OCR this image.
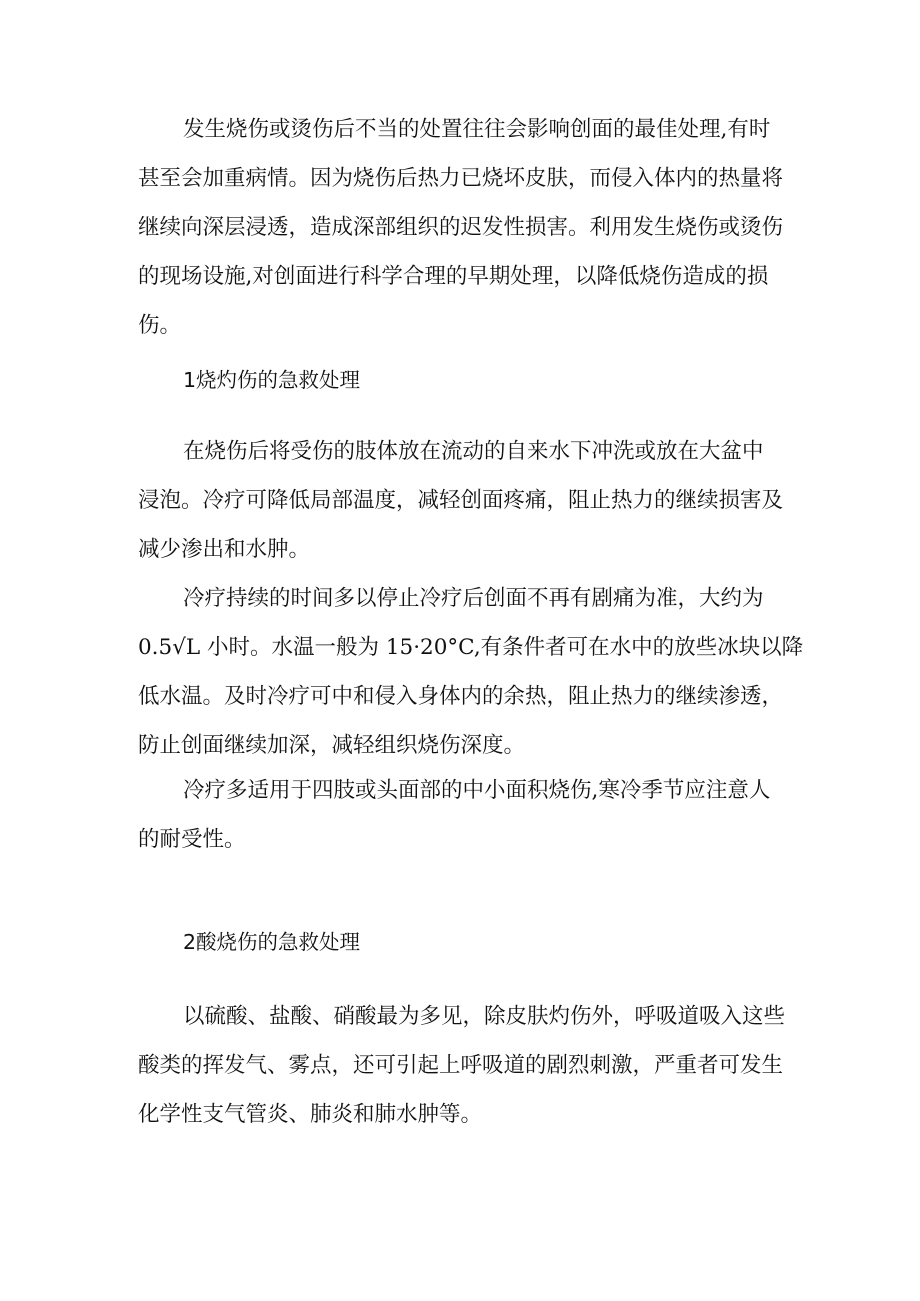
发生烧伤或烫伤后不当的处置往往会影响创面的最佳处理,有时
甚至会加重病情。因为烧伤后热力已烧坏皮肤，而侵入体内的热量将
继续向深层浸透，造成深部组织的迟发性损害。利用发生烧伤或烫伤
的现场设施,对创面进行科学合理的早期处理，以降低烧伤造成的损
伤。
1烧灼伤的急救处理
在烧伤后将受伤的肢体放在流动的自来水下冲洗或放在大盆中
浸泡。冷疗可降低局部温度，减轻创面疼痛，阻止热力的继续损害及
减少渗出和水肿。
冷疗持续的时间多以停止冷疗后创面不再有剧痛为准，大约为
0.5√L 小时。水温一般为 15·20°C,有条件者可在水中的放些冰块以降
低水温。及时冷疗可中和侵入身体内的余热，阻止热力的继续渗透，
防止创面继续加深，减轻组织烧伤深度。
冷疗多适用于四肢或头面部的中小面积烧伤,寒冷季节应注意人
的耐受性。
2酸烧伤的急救处理
以硫酸、盐酸、硝酸最为多见，除皮肤灼伤外，呼吸道吸入这些
酸类的挥发气、雾点，还可引起上呼吸道的剧烈刺激，严重者可发生
化学性支气管炎、肺炎和肺水肿等。
